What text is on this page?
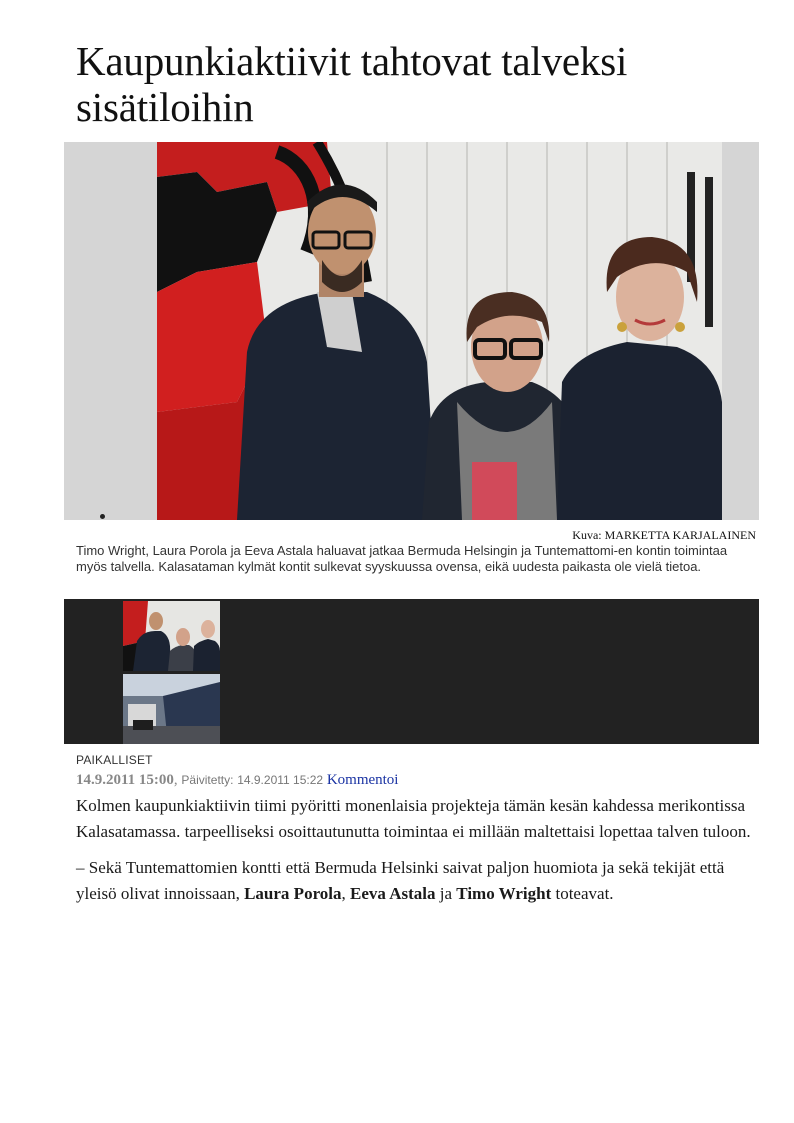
Kaupunkiaktiivit tahtovat talveksi sisätiloihin
Kuva: MARKETTA KARJALAINEN

Timo Wright, Laura Porola ja Eeva Astala haluavat jatkaa Bermuda Helsingin ja Tuntemattomi-en kontin toimintaa myös talvella. Kalasataman kylmät kontit sulkevat syyskuussa ovensa, eikä uudesta paikasta ole vielä tietoa.

PAIKALLISET
14.9.2011 15:00, Päivitetty: 14.9.2011 15:22 Kommentoi

Kolmen kaupunkiaktiivin tiimi pyöritti monenlaisia projekteja tämän kesän kahdessa merikontissa Kalasatamassa. tarpeelliseksi osoittautunutta toimintaa ei millään maltettaisi lopettaa talven tuloon.

– Sekä Tuntemattomien kontti että Bermuda Helsinki saivat paljon huomiota ja sekä tekijät että yleisö olivat innoissaan, Laura Porola, Eeva Astala ja Timo Wright toteavat.
